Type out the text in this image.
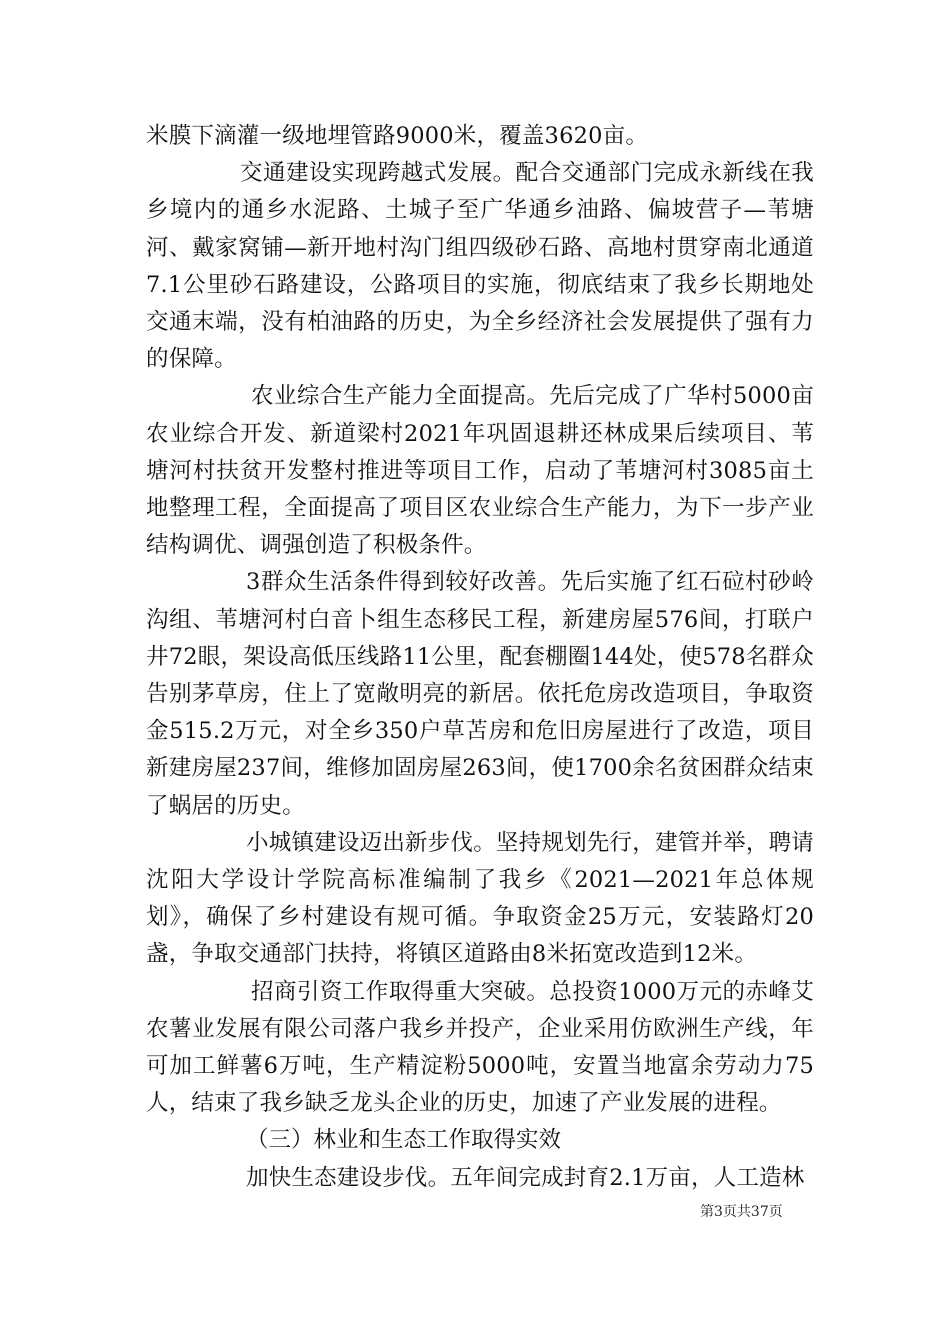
米膜下滴灌一级地埋管路9000米，覆盖3620亩。

交通建设实现跨越式发展。配合交通部门完成永新线在我乡境内的通乡水泥路、土城子至广华通乡油路、偏坡营子—苇塘河、戴家窝铺—新开地村沟门组四级砂石路、高地村贯穿南北通道7.1公里砂石路建设，公路项目的实施，彻底结束了我乡长期地处交通末端，没有柏油路的历史，为全乡经济社会发展提供了强有力的保障。

农业综合生产能力全面提高。先后完成了广华村5000亩农业综合开发、新道梁村2021年巩固退耕还林成果后续项目、苇塘河村扶贫开发整村推进等项目工作，启动了苇塘河村3085亩土地整理工程，全面提高了项目区农业综合生产能力，为下一步产业结构调优、调强创造了积极条件。

3群众生活条件得到较好改善。先后实施了红石砬村砂岭沟组、苇塘河村白音卜组生态移民工程，新建房屋576间，打联户井72眼，架设高低压线路11公里，配套棚圈144处，使578名群众告别茅草房，住上了宽敞明亮的新居。依托危房改造项目，争取资金515.2万元，对全乡350户草苫房和危旧房屋进行了改造，项目新建房屋237间，维修加固房屋263间，使1700余名贫困群众结束了蜗居的历史。

小城镇建设迈出新步伐。坚持规划先行，建管并举，聘请沈阳大学设计学院高标准编制了我乡《2021—2021年总体规划》，确保了乡村建设有规可循。争取资金25万元，安装路灯20盏，争取交通部门扶持，将镇区道路由8米拓宽改造到12米。

招商引资工作取得重大突破。总投资1000万元的赤峰艾农薯业发展有限公司落户我乡并投产，企业采用仿欧洲生产线，年可加工鲜薯6万吨，生产精淀粉5000吨，安置当地富余劳动力75人，结束了我乡缺乏龙头企业的历史，加速了产业发展的进程。

（三）林业和生态工作取得实效

加快生态建设步伐。五年间完成封育2.1万亩，人工造林

第3页共37页
